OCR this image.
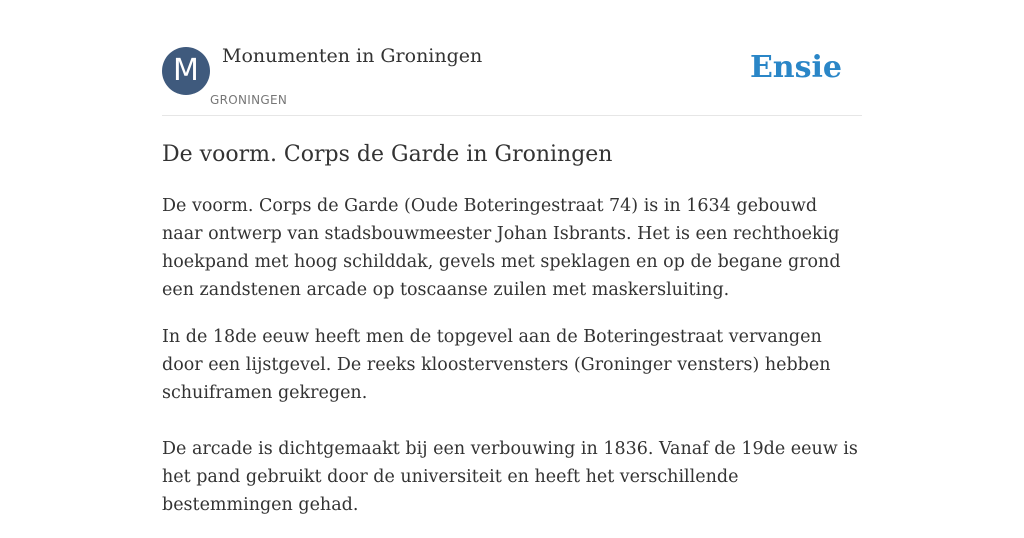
M	Monumenten in Groningen
GRONINGEN
Ensie
De voorm. Corps de Garde in Groningen

De voorm. Corps de Garde (Oude Boteringestraat 74) is in 1634 gebouwd naar ontwerp van stadsbouwmeester Johan Isbrants. Het is een rechthoekig hoekpand met hoog schilddak, gevels met speklagen en op de begane grond een zandstenen arcade op toscaanse zuilen met maskersluiting.

In de 18de eeuw heeft men de topgevel aan de Boteringestraat vervangen door een lijstgevel. De reeks kloostervensters (Groninger vensters) hebben schuiframen gekregen.

De arcade is dichtgemaakt bij een verbouwing in 1836. Vanaf de 19de eeuw is het pand gebruikt door de universiteit en heeft het verschillende bestemmingen gehad.
